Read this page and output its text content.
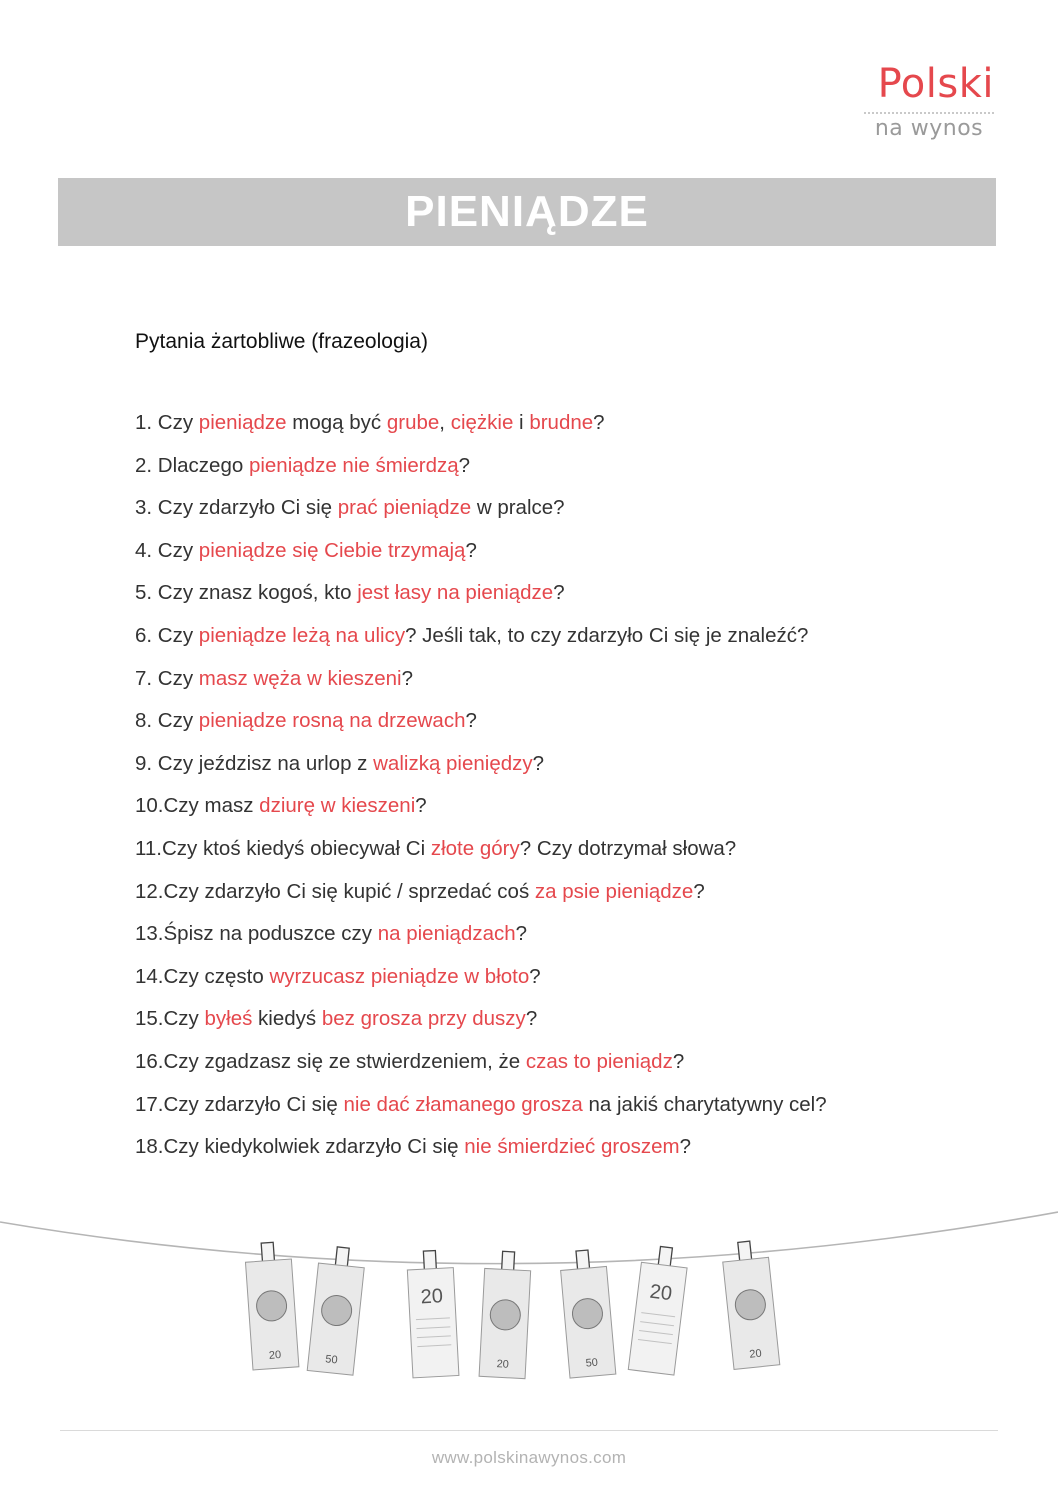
Polski
na wynos
PIENIĄDZE
Pytania żartobliwe (frazeologia)
1. Czy pieniądze mogą być grube, ciężkie i brudne?
2. Dlaczego pieniądze nie śmierdzą?
3. Czy zdarzyło Ci się prać pieniądze w pralce?
4. Czy pieniądze się Ciebie trzymają?
5. Czy znasz kogoś, kto jest łasy na pieniądze?
6. Czy pieniądze leżą na ulicy? Jeśli tak, to czy zdarzyło Ci się je znaleźć?
7. Czy masz węża w kieszeni?
8. Czy pieniądze rosną na drzewach?
9. Czy jeździsz na urlop z walizką pieniędzy?
10.Czy masz dziurę w kieszeni?
11.Czy ktoś kiedyś obiecywał Ci złote góry? Czy dotrzymał słowa?
12.Czy zdarzyło Ci się kupić / sprzedać coś za psie pieniądze?
13.Śpisz na poduszce czy na pieniądzach?
14.Czy często wyrzucasz pieniądze w błoto?
15.Czy byłeś kiedyś bez grosza przy duszy?
16.Czy zgadzasz się ze stwierdzeniem, że czas to pieniądz?
17.Czy zdarzyło Ci się nie dać złamanego grosza na jakiś charytatywny cel?
18.Czy kiedykolwiek zdarzyło Ci się nie śmierdzieć groszem?
20	50
20
20	50
20
20
www.polskinawynos.com
